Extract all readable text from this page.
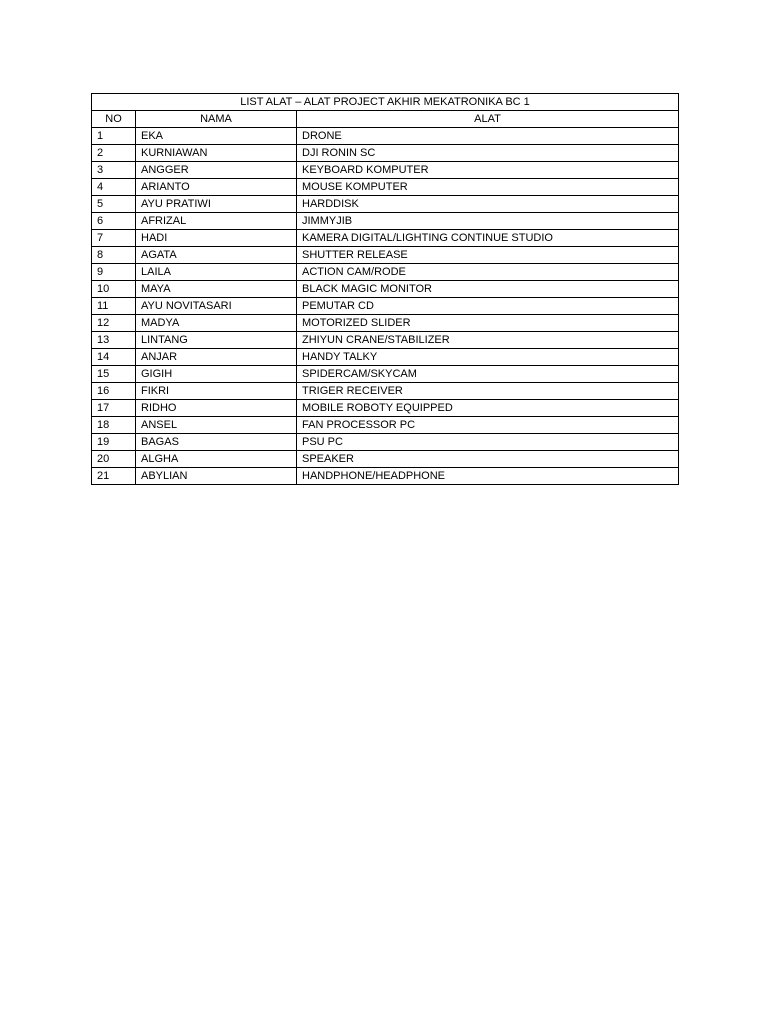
LIST ALAT – ALAT PROJECT AKHIR MEKATRONIKA BC 1		
NO	NAMA	ALAT
1	EKA	DRONE
2	KURNIAWAN	DJI RONIN SC
3	ANGGER	KEYBOARD KOMPUTER
4	ARIANTO	MOUSE KOMPUTER
5	AYU PRATIWI	HARDDISK
6	AFRIZAL	JIMMYJIB
7	HADI	KAMERA DIGITAL/LIGHTING CONTINUE STUDIO
8	AGATA	SHUTTER RELEASE
9	LAILA	ACTION CAM/RODE
10	MAYA	BLACK MAGIC MONITOR
11	AYU NOVITASARI	PEMUTAR CD
12	MADYA	MOTORIZED SLIDER
13	LINTANG	ZHIYUN CRANE/STABILIZER
14	ANJAR	HANDY TALKY
15	GIGIH	SPIDERCAM/SKYCAM
16	FIKRI	TRIGER RECEIVER
17	RIDHO	MOBILE ROBOTY EQUIPPED
18	ANSEL	FAN PROCESSOR PC
19	BAGAS	PSU PC
20	ALGHA	SPEAKER
21	ABYLIAN	HANDPHONE/HEADPHONE
